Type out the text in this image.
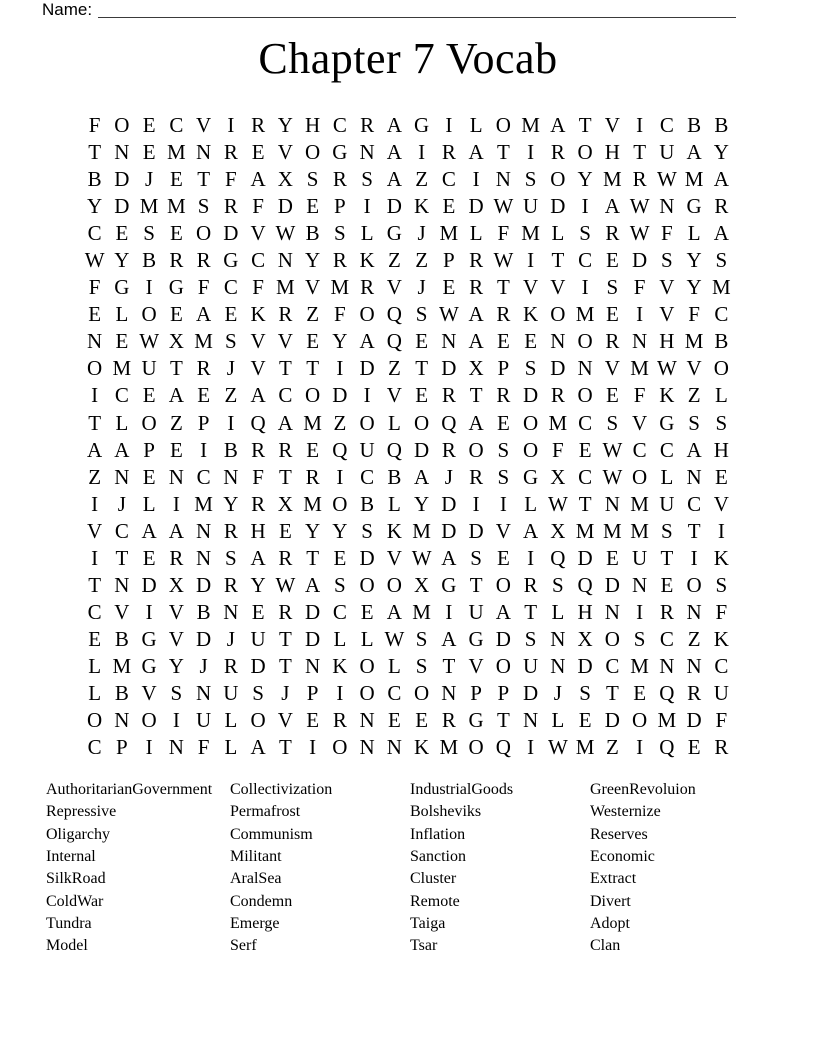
Name:
Chapter 7 Vocab
F O E C V I R Y H C R A G I L O M A T V I C B B
T N E M N R E V O G N A I R A T I R O H T U A Y
B D J E T F A X S R S A Z C I N S O Y M R W M A
Y D M M S R F D E P I D K E D W U D I A W N G R
C E S E O D V W B S L G J M L F M L S R W F L A
W Y B R R G C N Y R K Z Z P R W I T C E D S Y S
F G I G F C F M V M R V J E R T V V I S F V Y M
E L O E A E K R Z F O Q S W A R K O M E I V F C
N E W X M S V V E Y A Q E N A E E N O R N H M B
O M U T R J V T T I D Z T D X P S D N V M W V O
I C E A E Z A C O D I V E R T R D R O E F K Z L
T L O Z P I Q A M Z O L O Q A E O M C S V G S S
A A P E I B R R E Q U Q D R O S O F E W C C A H
Z N E N C N F T R I C B A J R S G X C W O L N E
I J L I M Y R X M O B L Y D I I L W T N M U C V
V C A A N R H E Y Y S K M D D V A X M M M S T I
I T E R N S A R T E D V W A S E I Q D E U T I K
T N D X D R Y W A S O O X G T O R S Q D N E O S
C V I V B N E R D C E A M I U A T L H N I R N F
E B G V D J U T D L L W S A G D S N X O S C Z K
L M G Y J R D T N K O L S T V O U N D C M N N C
L B V S N U S J P I O C O N P P D J S T E Q R U
O N O I U L O V E R N E E R G T N L E D O M D F
C P I N F L A T I O N N K M O Q I W M Z I Q E R
AuthoritarianGovernment
Repressive
Oligarchy
Internal
SilkRoad
ColdWar
Tundra
Model
Collectivization
Permafrost
Communism
Militant
AralSea
Condemn
Emerge
Serf
IndustrialGoods
Bolsheviks
Inflation
Sanction
Cluster
Remote
Taiga
Tsar
GreenRevoluion
Westernize
Reserves
Economic
Extract
Divert
Adopt
Clan
